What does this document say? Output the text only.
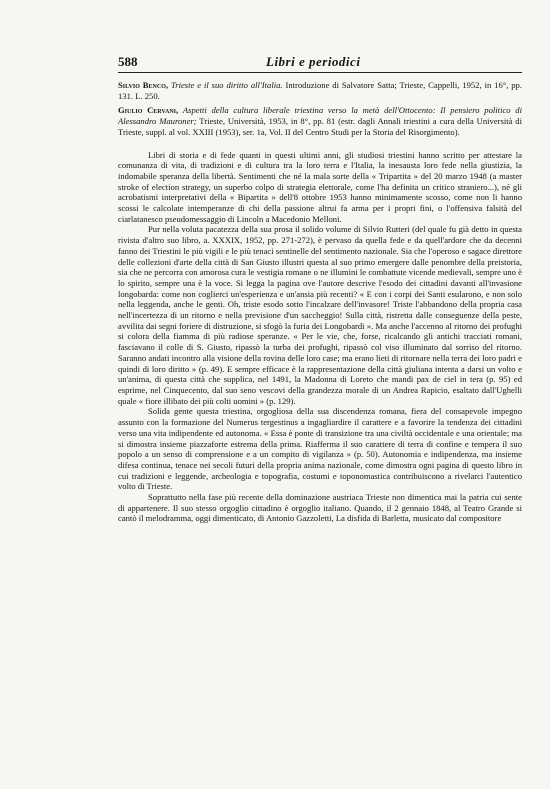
588	Libri e periodici

Silvio Benco, Trieste e il suo diritto all'Italia. Introduzione di Salvatore Satta; Trieste, Cappelli, 1952, in 16°, pp. 131. L. 250.

Giulio Cervani, Aspetti della cultura liberale triestina verso la metà dell'Ottocento: Il pensiero politico di Alessandro Mauroner; Trieste, Università, 1953, in 8°, pp. 81 (estr. dagli Annali triestini a cura della Università di Trieste, suppl. al vol. XXIII (1953), ser. 1a, Vol. II del Centro Studi per la Storia del Risorgimento).

Libri di storia e di fede quanti in questi ultimi anni, gli studiosi triestini hanno scritto per attestare la comunanza di vita, di tradizioni e di cultura tra la loro terra e l'Italia, la inesausta loro fede nella giustizia, la indomabile speranza della libertà. Sentimenti che né la mala sorte della « Tripartita » del 20 marzo 1948 (a master stroke of election strategy, un superbo colpo di strategia elettorale, come l'ha definita un critico straniero...), né gli acrobatismi interpretativi della « Bipartita » dell'8 ottobre 1953 hanno minimamente scosso, come non li hanno scossi le calcolate intemperanze di chi della passione altrui fa arma per i propri fini, o l'offensiva falsità del ciarlatanesco pseudomessaggio di Lincoln a Macedonio Melloni.

Pur nella voluta pacatezza della sua prosa il solido volume di Silvio Rutteri (del quale fu già detto in questa rivista d'altro suo libro, a. XXXIX, 1952, pp. 271-272), è pervaso da quella fede e da quell'ardore che da decenni fanno dei Triestini le più vigili e le più tenaci sentinelle del sentimento nazionale. Sia che l'operoso e sagace direttore delle collezioni d'arte della città di San Giusto illustri questa al suo primo emergere dalle penombre della preistoria, sia che ne percorra con amorosa cura le vestigia romane o ne illumini le combattute vicende medievali, sempre uno è lo spirito, sempre una è la voce. Si legga la pagina ove l'autore descrive l'esodo dei cittadini davanti all'invasione longobarda: come non coglierci un'esperienza e un'ansia più recenti? « E con i corpi dei Santi esularono, e non solo nella leggenda, anche le genti. Oh, triste esodo sotto l'incalzare dell'invasore! Triste l'abbandono della propria casa nell'incertezza di un ritorno e nella previsione d'un saccheggio! Sulla città, ristretta dalle conseguenze della peste, avvilita dai segni foriere di distruzione, si sfogò la furia dei Longobardi ». Ma anche l'accenno al ritorno dei profughi si colora della fiamma di più radiose speranze. « Per le vie, che, forse, ricalcando gli antichi tracciati romani, fasciavano il colle di S. Giusto, ripassò la turba dei profughi, ripassò col viso illuminato dal sorriso del ritorno. Saranno andati incontro alla visione della rovina delle loro case; ma erano lieti di ritornare nella terra dei loro padri e quindi di loro diritto » (p. 49). E sempre efficace è la rappresentazione della città giuliana intenta a darsi un volto e un'anima, di questa città che supplica, nel 1491, la Madonna di Loreto che mandi pax de ciel in tera (p. 95) ed esprime, nel Cinquecento, dal suo seno vescovi della grandezza morale di un Andrea Rapicio, esaltato dall'Ughelli quale « fiore illibato dei più colti uomini » (p. 129).

Solida gente questa triestina, orgogliosa della sua discendenza romana, fiera del consapevole impegno assunto con la formazione del Numerus tergestinus a ingagliardire il carattere e a favorire la tendenza dei cittadini verso una vita indipendente ed autonoma. « Essa è ponte di transizione tra una civiltà occidentale e una orientale; ma si dimostra insieme piazzaforte estrema della prima. Riafferma il suo carattere di terra di confine e tempera il suo popolo a un senso di comprensione e a un compito di vigilanza » (p. 50). Autonomia e indipendenza, ma insieme difesa continua, tenace nei secoli futuri della propria anima nazionale, come dimostra ogni pagina di questo libro in cui tradizioni e leggende, archeologia e topografia, costumi e toponomastica contribuiscono a rivelarci l'autentico volto di Trieste.

Soprattutto nella fase più recente della dominazione austriaca Trieste non dimentica mai la patria cui sente di appartenere. Il suo stesso orgoglio cittadino è orgoglio italiano. Quando, il 2 gennaio 1848, al Teatro Grande si cantò il melodramma, oggi dimenticato, di Antonio Gazzoletti, La disfida di Barletta, musicato dal compositore
